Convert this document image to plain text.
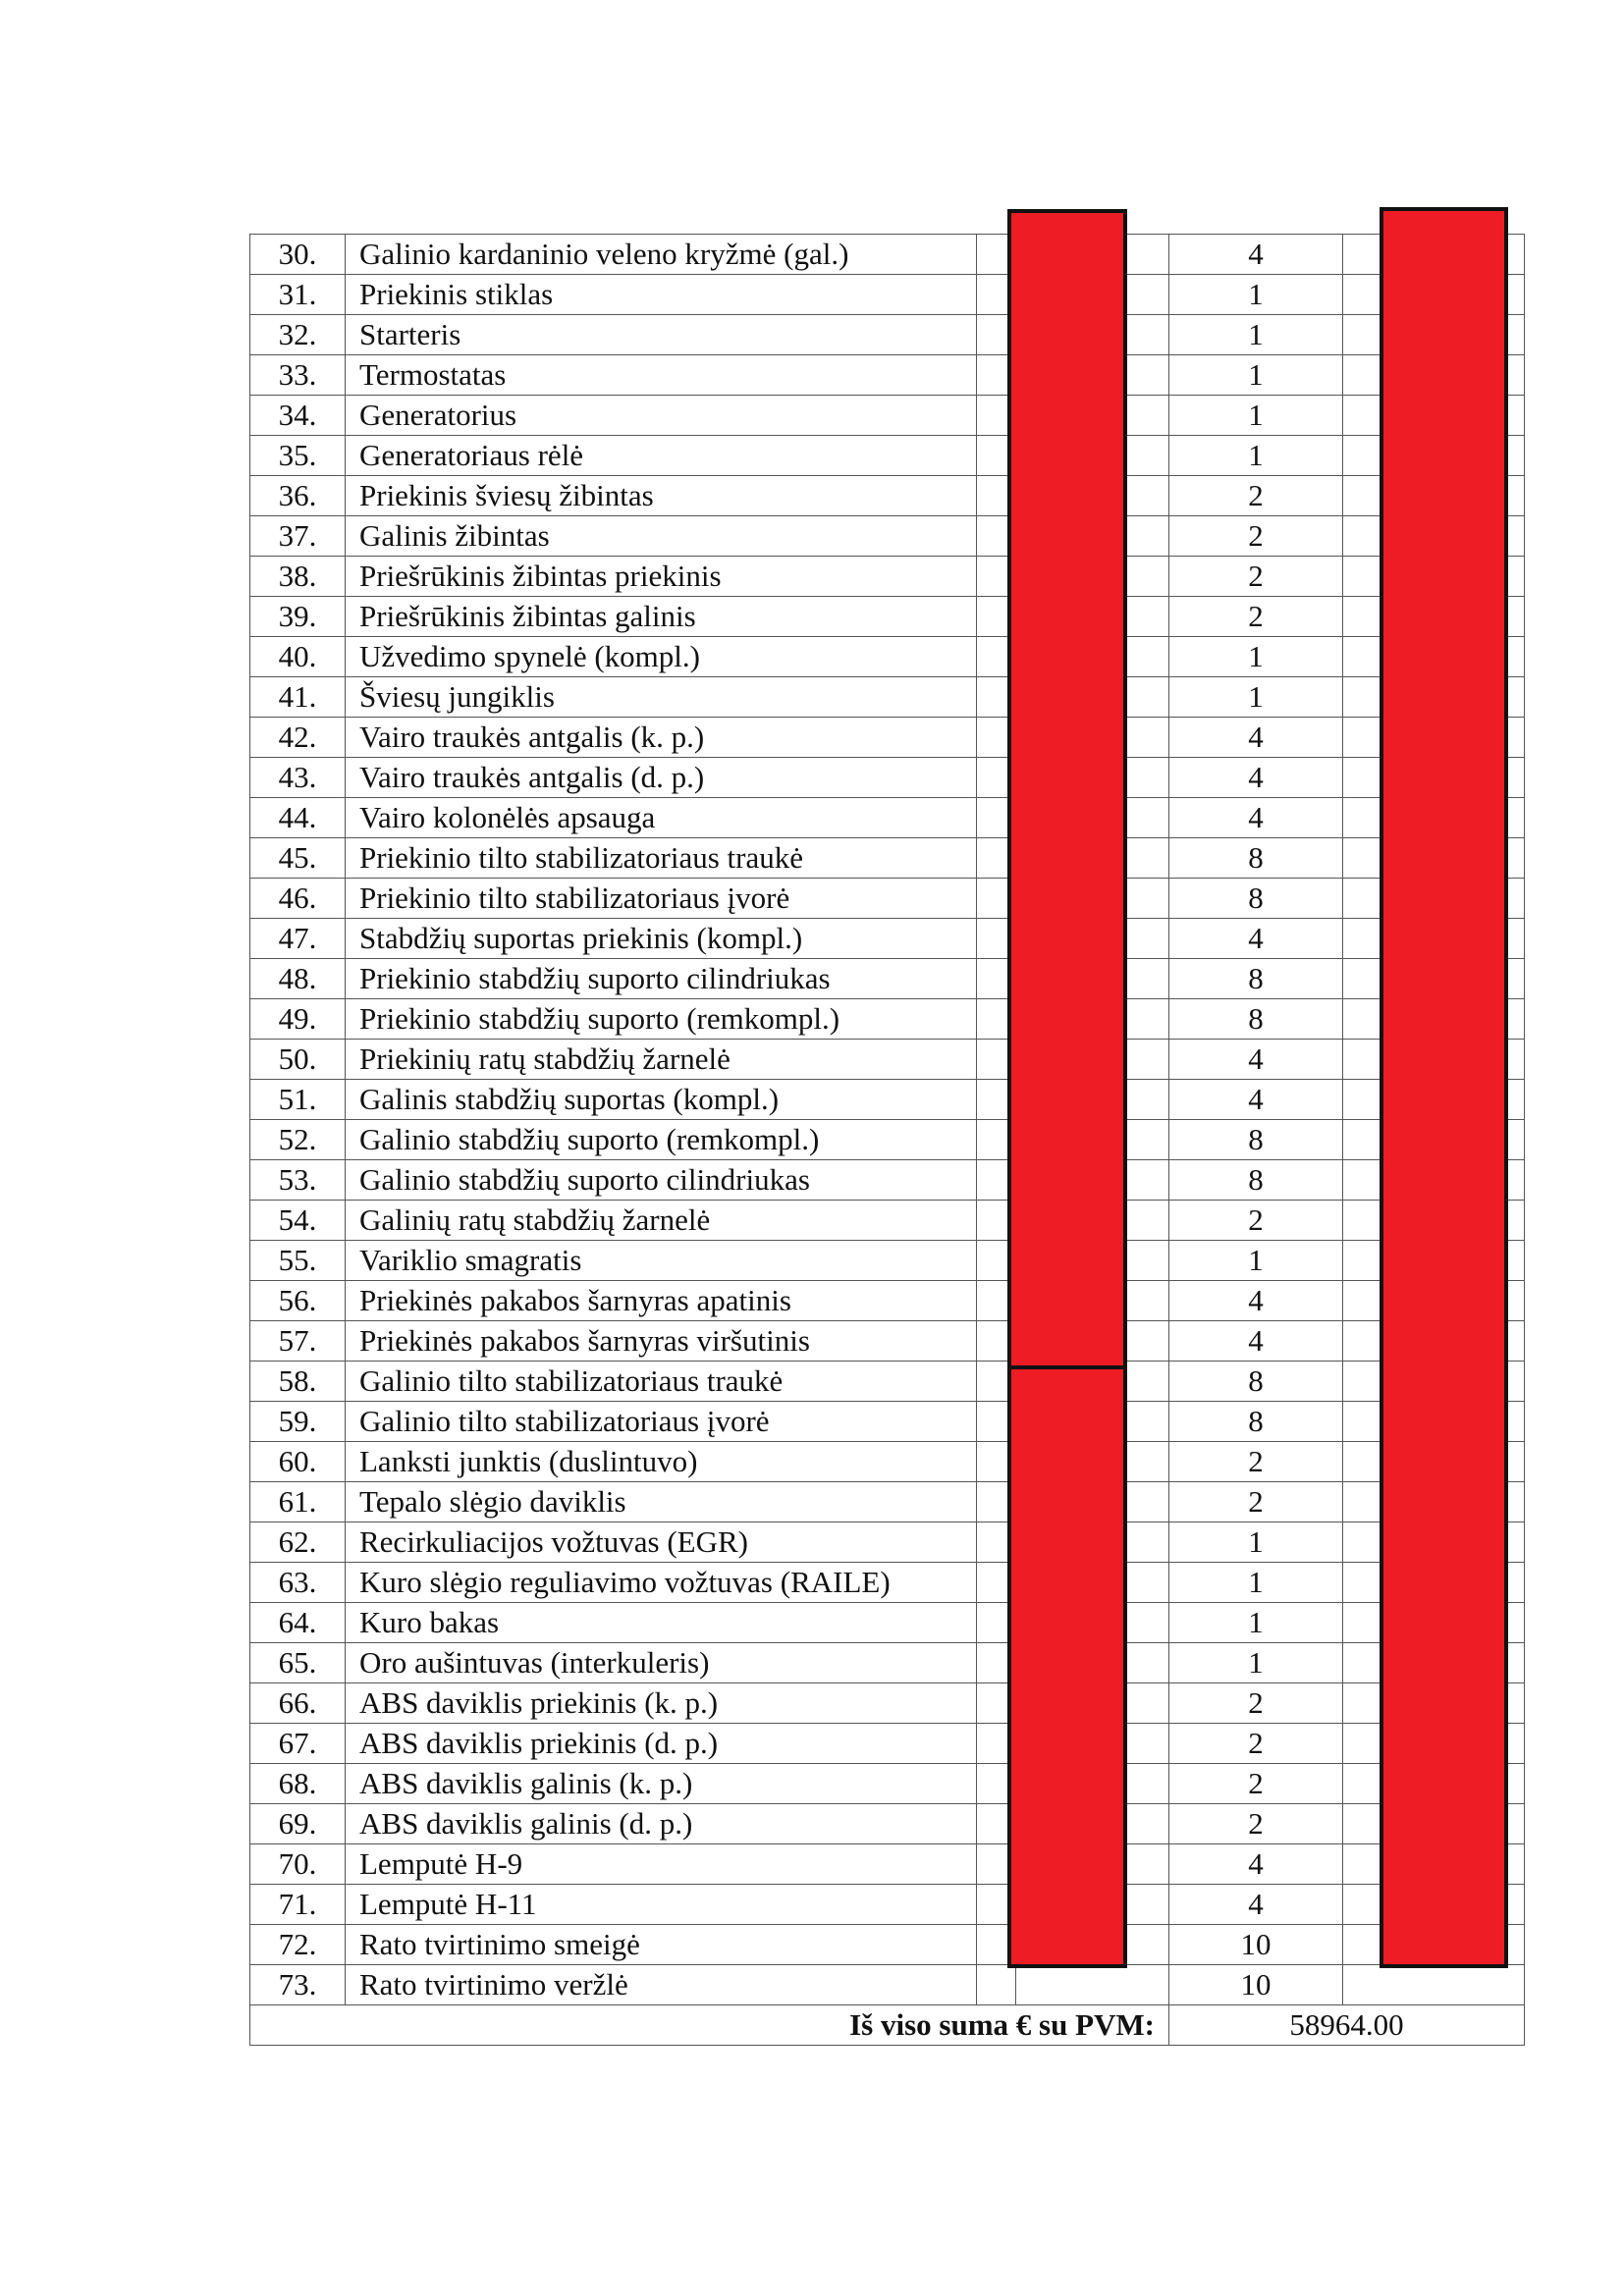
30.	Galinio kardaninio veleno kryžmė (gal.)			4	
31.	Priekinis stiklas			1	
32.	Starteris			1	
33.	Termostatas			1	
34.	Generatorius			1	
35.	Generatoriaus rėlė			1	
36.	Priekinis šviesų žibintas			2	
37.	Galinis žibintas			2	
38.	Priešrūkinis žibintas priekinis			2	
39.	Priešrūkinis žibintas galinis			2	
40.	Užvedimo spynelė (kompl.)			1	
41.	Šviesų jungiklis			1	
42.	Vairo traukės antgalis (k. p.)			4	
43.	Vairo traukės antgalis (d. p.)			4	
44.	Vairo kolonėlės apsauga			4	
45.	Priekinio tilto stabilizatoriaus traukė			8	
46.	Priekinio tilto stabilizatoriaus įvorė			8	
47.	Stabdžių suportas priekinis (kompl.)			4	
48.	Priekinio stabdžių suporto cilindriukas			8	
49.	Priekinio stabdžių suporto (remkompl.)			8	
50.	Priekinių ratų stabdžių žarnelė			4	
51.	Galinis stabdžių suportas (kompl.)			4	
52.	Galinio stabdžių suporto (remkompl.)			8	
53.	Galinio stabdžių suporto cilindriukas			8	
54.	Galinių ratų stabdžių žarnelė			2	
55.	Variklio smagratis			1	
56.	Priekinės pakabos šarnyras apatinis			4	
57.	Priekinės pakabos šarnyras viršutinis			4	
58.	Galinio tilto stabilizatoriaus traukė			8	
59.	Galinio tilto stabilizatoriaus įvorė			8	
60.	Lanksti junktis (duslintuvo)			2	
61.	Tepalo slėgio daviklis			2	
62.	Recirkuliacijos vožtuvas (EGR)			1	
63.	Kuro slėgio reguliavimo vožtuvas (RAILE)			1	
64.	Kuro bakas			1	
65.	Oro aušintuvas (interkuleris)			1	
66.	ABS daviklis priekinis (k. p.)			2	
67.	ABS daviklis priekinis (d. p.)			2	
68.	ABS daviklis galinis (k. p.)			2	
69.	ABS daviklis galinis (d. p.)			2	
70.	Lemputė H-9			4	
71.	Lemputė H-11			4	
72.	Rato tvirtinimo smeigė			10	
73.	Rato tvirtinimo veržlė			10	
Iš viso suma € su PVM:				58964.00	
